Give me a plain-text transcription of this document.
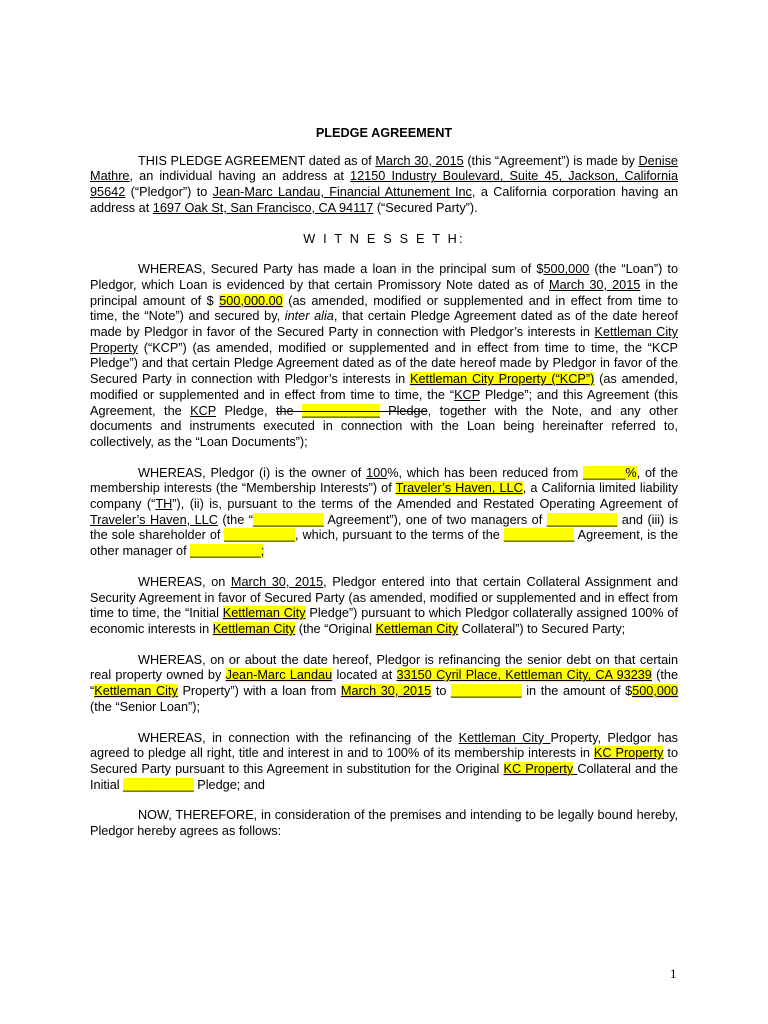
PLEDGE AGREEMENT
THIS PLEDGE AGREEMENT dated as of March 30, 2015 (this “Agreement”) is made by Denise Mathre, an individual having an address at 12150 Industry Boulevard, Suite 45, Jackson, California 95642 (“Pledgor”) to Jean-Marc Landau, Financial Attunement Inc, a California corporation having an address at 1697 Oak St, San Francisco, CA 94117 (“Secured Party”).
W I T N E S S E T H:
WHEREAS, Secured Party has made a loan in the principal sum of $500,000 (the “Loan”) to Pledgor, which Loan is evidenced by that certain Promissory Note dated as of March 30, 2015 in the principal amount of $ 500,000.00 (as amended, modified or supplemented and in effect from time to time, the “Note”) and secured by, inter alia, that certain Pledge Agreement dated as of the date hereof made by Pledgor in favor of the Secured Party in connection with Pledgor’s interests in Kettleman City Property (“KCP”) (as amended, modified or supplemented and in effect from time to time, the “KCP Pledge”) and that certain Pledge Agreement dated as of the date hereof made by Pledgor in favor of the Secured Party in connection with Pledgor’s interests in Kettleman City Property (“KCP”) (as amended, modified or supplemented and in effect from time to time, the “KCP Pledge”; and this Agreement (this Agreement, the KCP Pledge, the ___________ Pledge, together with the Note, and any other documents and instruments executed in connection with the Loan being hereinafter referred to, collectively, as the “Loan Documents”);
WHEREAS, Pledgor (i) is the owner of 100%, which has been reduced from ______%, of the membership interests (the “Membership Interests”) of Traveler’s Haven, LLC, a California limited liability company (“TH”), (ii) is, pursuant to the terms of the Amended and Restated Operating Agreement of Traveler’s Haven, LLC (the “__________ Agreement”), one of two managers of __________ and (iii) is the sole shareholder of __________, which, pursuant to the terms of the __________ Agreement, is the other manager of __________;
WHEREAS, on March 30, 2015, Pledgor entered into that certain Collateral Assignment and Security Agreement in favor of Secured Party (as amended, modified or supplemented and in effect from time to time, the “Initial Kettleman City Pledge”) pursuant to which Pledgor collaterally assigned 100% of economic interests in Kettleman City (the “Original Kettleman City Collateral”) to Secured Party;
WHEREAS, on or about the date hereof, Pledgor is refinancing the senior debt on that certain real property owned by Jean-Marc Landau located at 33150 Cyril Place, Kettleman City, CA 93239 (the “Kettleman City Property”) with a loan from March 30, 2015 to __________ in the amount of $500,000 (the “Senior Loan”);
WHEREAS, in connection with the refinancing of the Kettleman City Property, Pledgor has agreed to pledge all right, title and interest in and to 100% of its membership interests in KC Property to Secured Party pursuant to this Agreement in substitution for the Original KC Property Collateral and the Initial __________ Pledge; and
NOW, THEREFORE, in consideration of the premises and intending to be legally bound hereby, Pledgor hereby agrees as follows:
1
